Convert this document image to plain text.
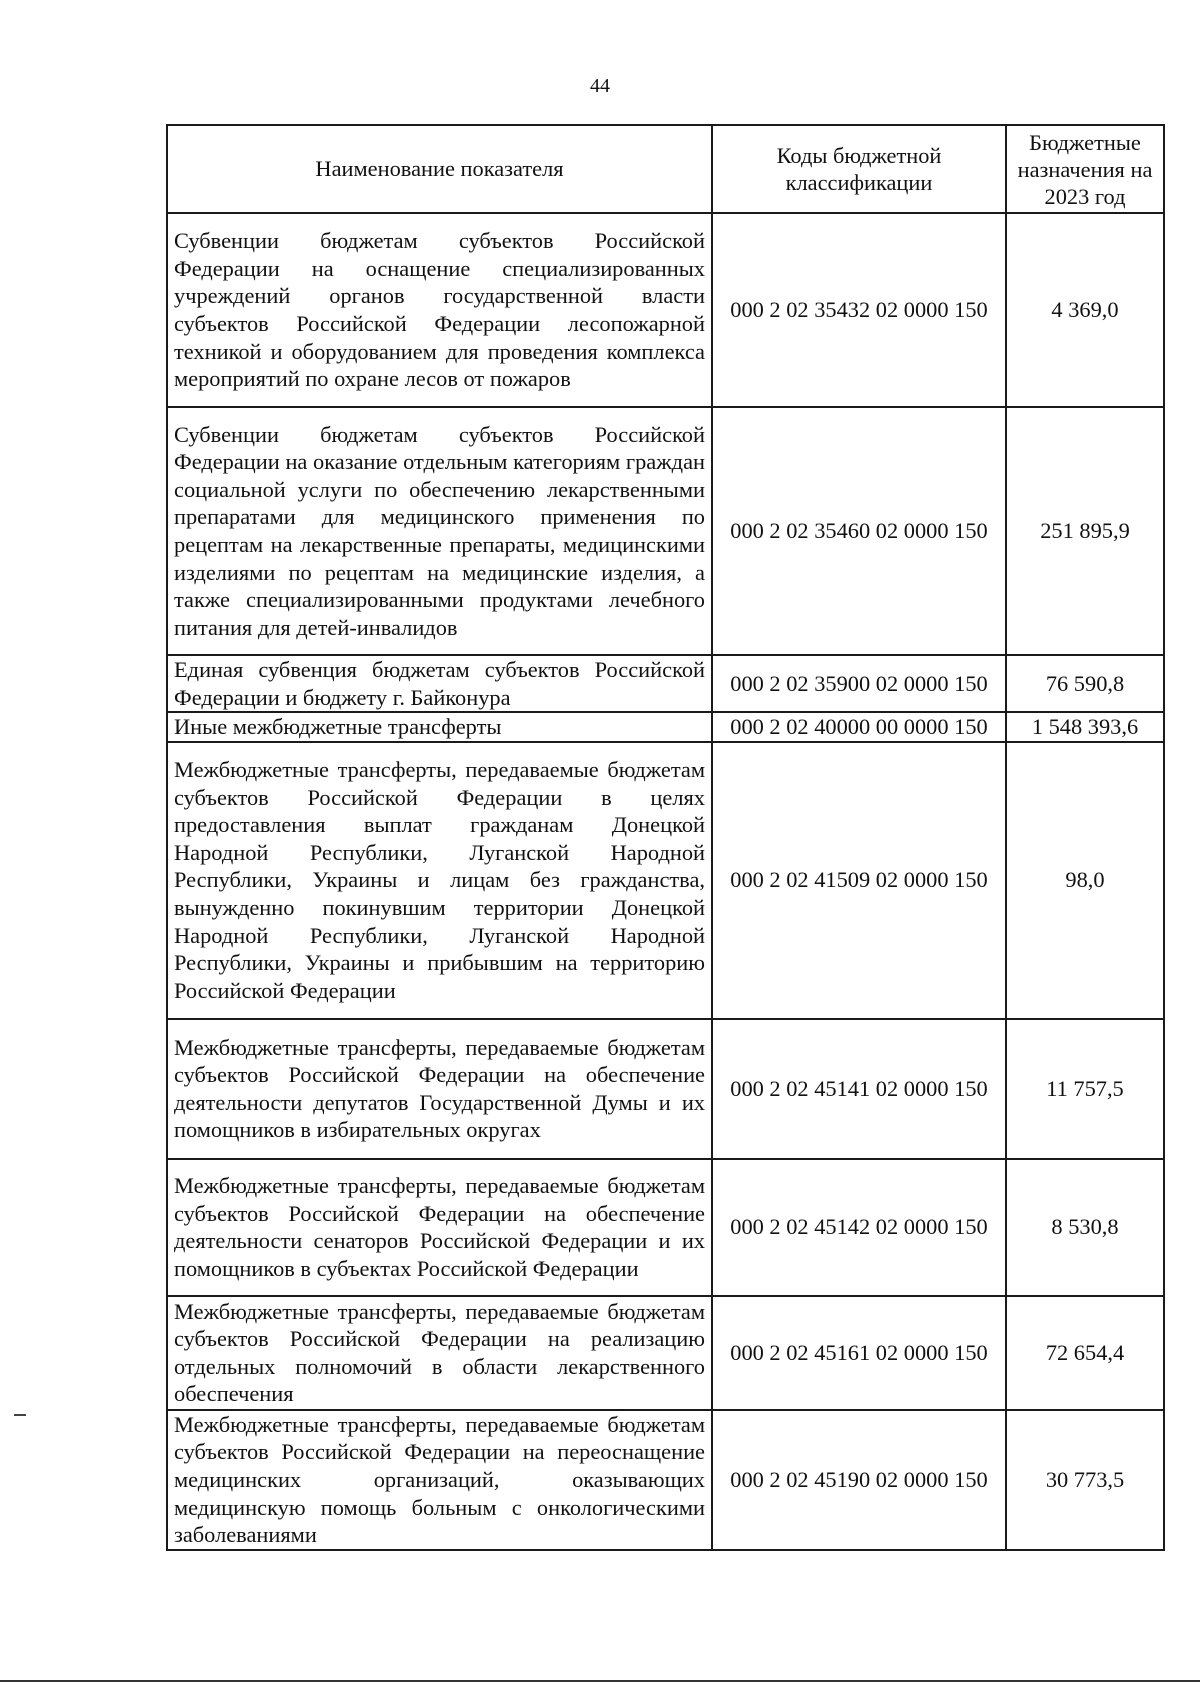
44
Наименование показателя	Коды бюджетной классификации	Бюджетные назначения на 2023 год
Субвенции бюджетам субъектов Российской Федерации на оснащение специализированных учреждений органов государственной власти субъектов Российской Федерации лесопожарной техникой и оборудованием для проведения комплекса мероприятий по охране лесов от пожаров	000 2 02 35432 02 0000 150	4 369,0
Субвенции бюджетам субъектов Российской Федерации на оказание отдельным категориям граждан социальной услуги по обеспечению лекарственными препаратами для медицинского применения по рецептам на лекарственные препараты, медицинскими изделиями по рецептам на медицинские изделия, а также специализированными продуктами лечебного питания для детей-инвалидов	000 2 02 35460 02 0000 150	251 895,9
Единая субвенция бюджетам субъектов Российской Федерации и бюджету г. Байконура	000 2 02 35900 02 0000 150	76 590,8
Иные межбюджетные трансферты	000 2 02 40000 00 0000 150	1 548 393,6
Межбюджетные трансферты, передаваемые бюджетам субъектов Российской Федерации в целях предоставления выплат гражданам Донецкой Народной Республики, Луганской Народной Республики, Украины и лицам без гражданства, вынужденно покинувшим территории Донецкой Народной Республики, Луганской Народной Республики, Украины и прибывшим на территорию Российской Федерации	000 2 02 41509 02 0000 150	98,0
Межбюджетные трансферты, передаваемые бюджетам субъектов Российской Федерации на обеспечение деятельности депутатов Государственной Думы и их помощников в избирательных округах	000 2 02 45141 02 0000 150	11 757,5
Межбюджетные трансферты, передаваемые бюджетам субъектов Российской Федерации на обеспечение деятельности сенаторов Российской Федерации и их помощников в субъектах Российской Федерации	000 2 02 45142 02 0000 150	8 530,8
Межбюджетные трансферты, передаваемые бюджетам субъектов Российской Федерации на реализацию отдельных полномочий в области лекарственного обеспечения	000 2 02 45161 02 0000 150	72 654,4
Межбюджетные трансферты, передаваемые бюджетам субъектов Российской Федерации на переоснащение медицинских организаций, оказывающих медицинскую помощь больным с онкологическими заболеваниями	000 2 02 45190 02 0000 150	30 773,5
